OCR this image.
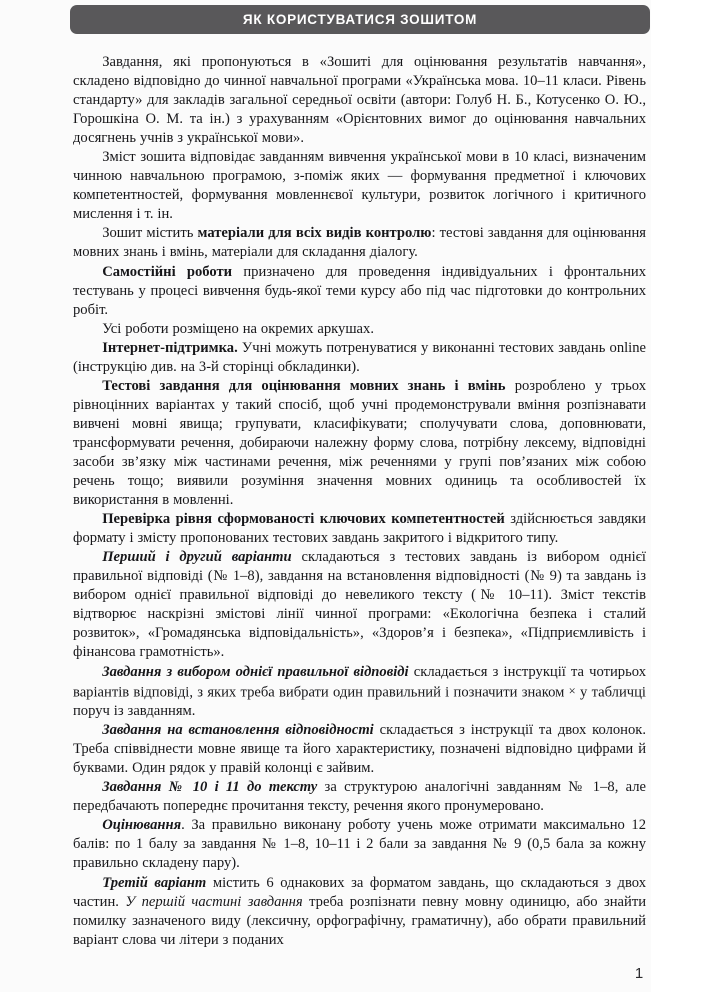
ЯК КОРИСТУВАТИСЯ ЗОШИТОМ

Завдання, які пропонуються в «Зошиті для оцінювання результатів навчання», складено відповідно до чинної навчальної програми «Українська мова. 10–11 класи. Рівень стандарту» для закладів загальної середньої освіти (автори: Голуб Н. Б., Котусенко О. Ю., Горошкіна О. М. та ін.) з урахуванням «Орієнтовних вимог до оцінювання навчальних досягнень учнів з української мови».

Зміст зошита відповідає завданням вивчення української мови в 10 класі, визначеним чинною навчальною програмою, з-поміж яких — формування предметної і ключових компетентностей, формування мовленнєвої культури, розвиток логічного і критичного мислення і т. ін.

Зошит містить матеріали для всіх видів контролю: тестові завдання для оцінювання мовних знань і вмінь, матеріали для складання діалогу.

Самостійні роботи призначено для проведення індивідуальних і фронтальних тестувань у процесі вивчення будь-якої теми курсу або під час підготовки до контрольних робіт.

Усі роботи розміщено на окремих аркушах.

Інтернет-підтримка. Учні можуть потренуватися у виконанні тестових завдань online (інструкцію див. на 3-й сторінці обкладинки).

Тестові завдання для оцінювання мовних знань і вмінь розроблено у трьох рівноцінних варіантах у такий спосіб, щоб учні продемонстрували вміння розпізнавати вивчені мовні явища; групувати, класифікувати; сполучувати слова, доповнювати, трансформувати речення, добираючи належну форму слова, потрібну лексему, відповідні засоби зв’язку між частинами речення, між реченнями у групі пов’язаних між собою речень тощо; виявили розуміння значення мовних одиниць та особливостей їх використання в мовленні.

Перевірка рівня сформованості ключових компетентностей здійснюється завдяки формату і змісту пропонованих тестових завдань закритого і відкритого типу.

Перший і другий варіанти складаються з тестових завдань із вибором однієї правильної відповіді (№ 1–8), завдання на встановлення відповідності (№ 9) та завдань із вибором однієї правильної відповіді до невеликого тексту (№ 10–11). Зміст текстів відтворює наскрізні змістові лінії чинної програми: «Екологічна безпека і сталий розвиток», «Громадянська відповідальність», «Здоров’я і безпека», «Підприємливість і фінансова грамотність».

Завдання з вибором однієї правильної відповіді складається з інструкції та чотирьох варіантів відповіді, з яких треба вибрати один правильний і позначити знаком × у табличці поруч із завданням.

Завдання на встановлення відповідності складається з інструкції та двох колонок. Треба співвіднести мовне явище та його характеристику, позначені відповідно цифрами й буквами. Один рядок у правій колонці є зайвим.

Завдання № 10 і 11 до тексту за структурою аналогічні завданням № 1–8, але передбачають попереднє прочитання тексту, речення якого пронумеровано.

Оцінювання. За правильно виконану роботу учень може отримати максимально 12 балів: по 1 балу за завдання № 1–8, 10–11 і 2 бали за завдання № 9 (0,5 бала за кожну правильно складену пару).

Третій варіант містить 6 однакових за форматом завдань, що складаються з двох частин. У першій частині завдання треба розпізнати певну мовну одиницю, або знайти помилку зазначеного виду (лексичну, орфографічну, граматичну), або обрати правильний варіант слова чи літери з поданих

1
